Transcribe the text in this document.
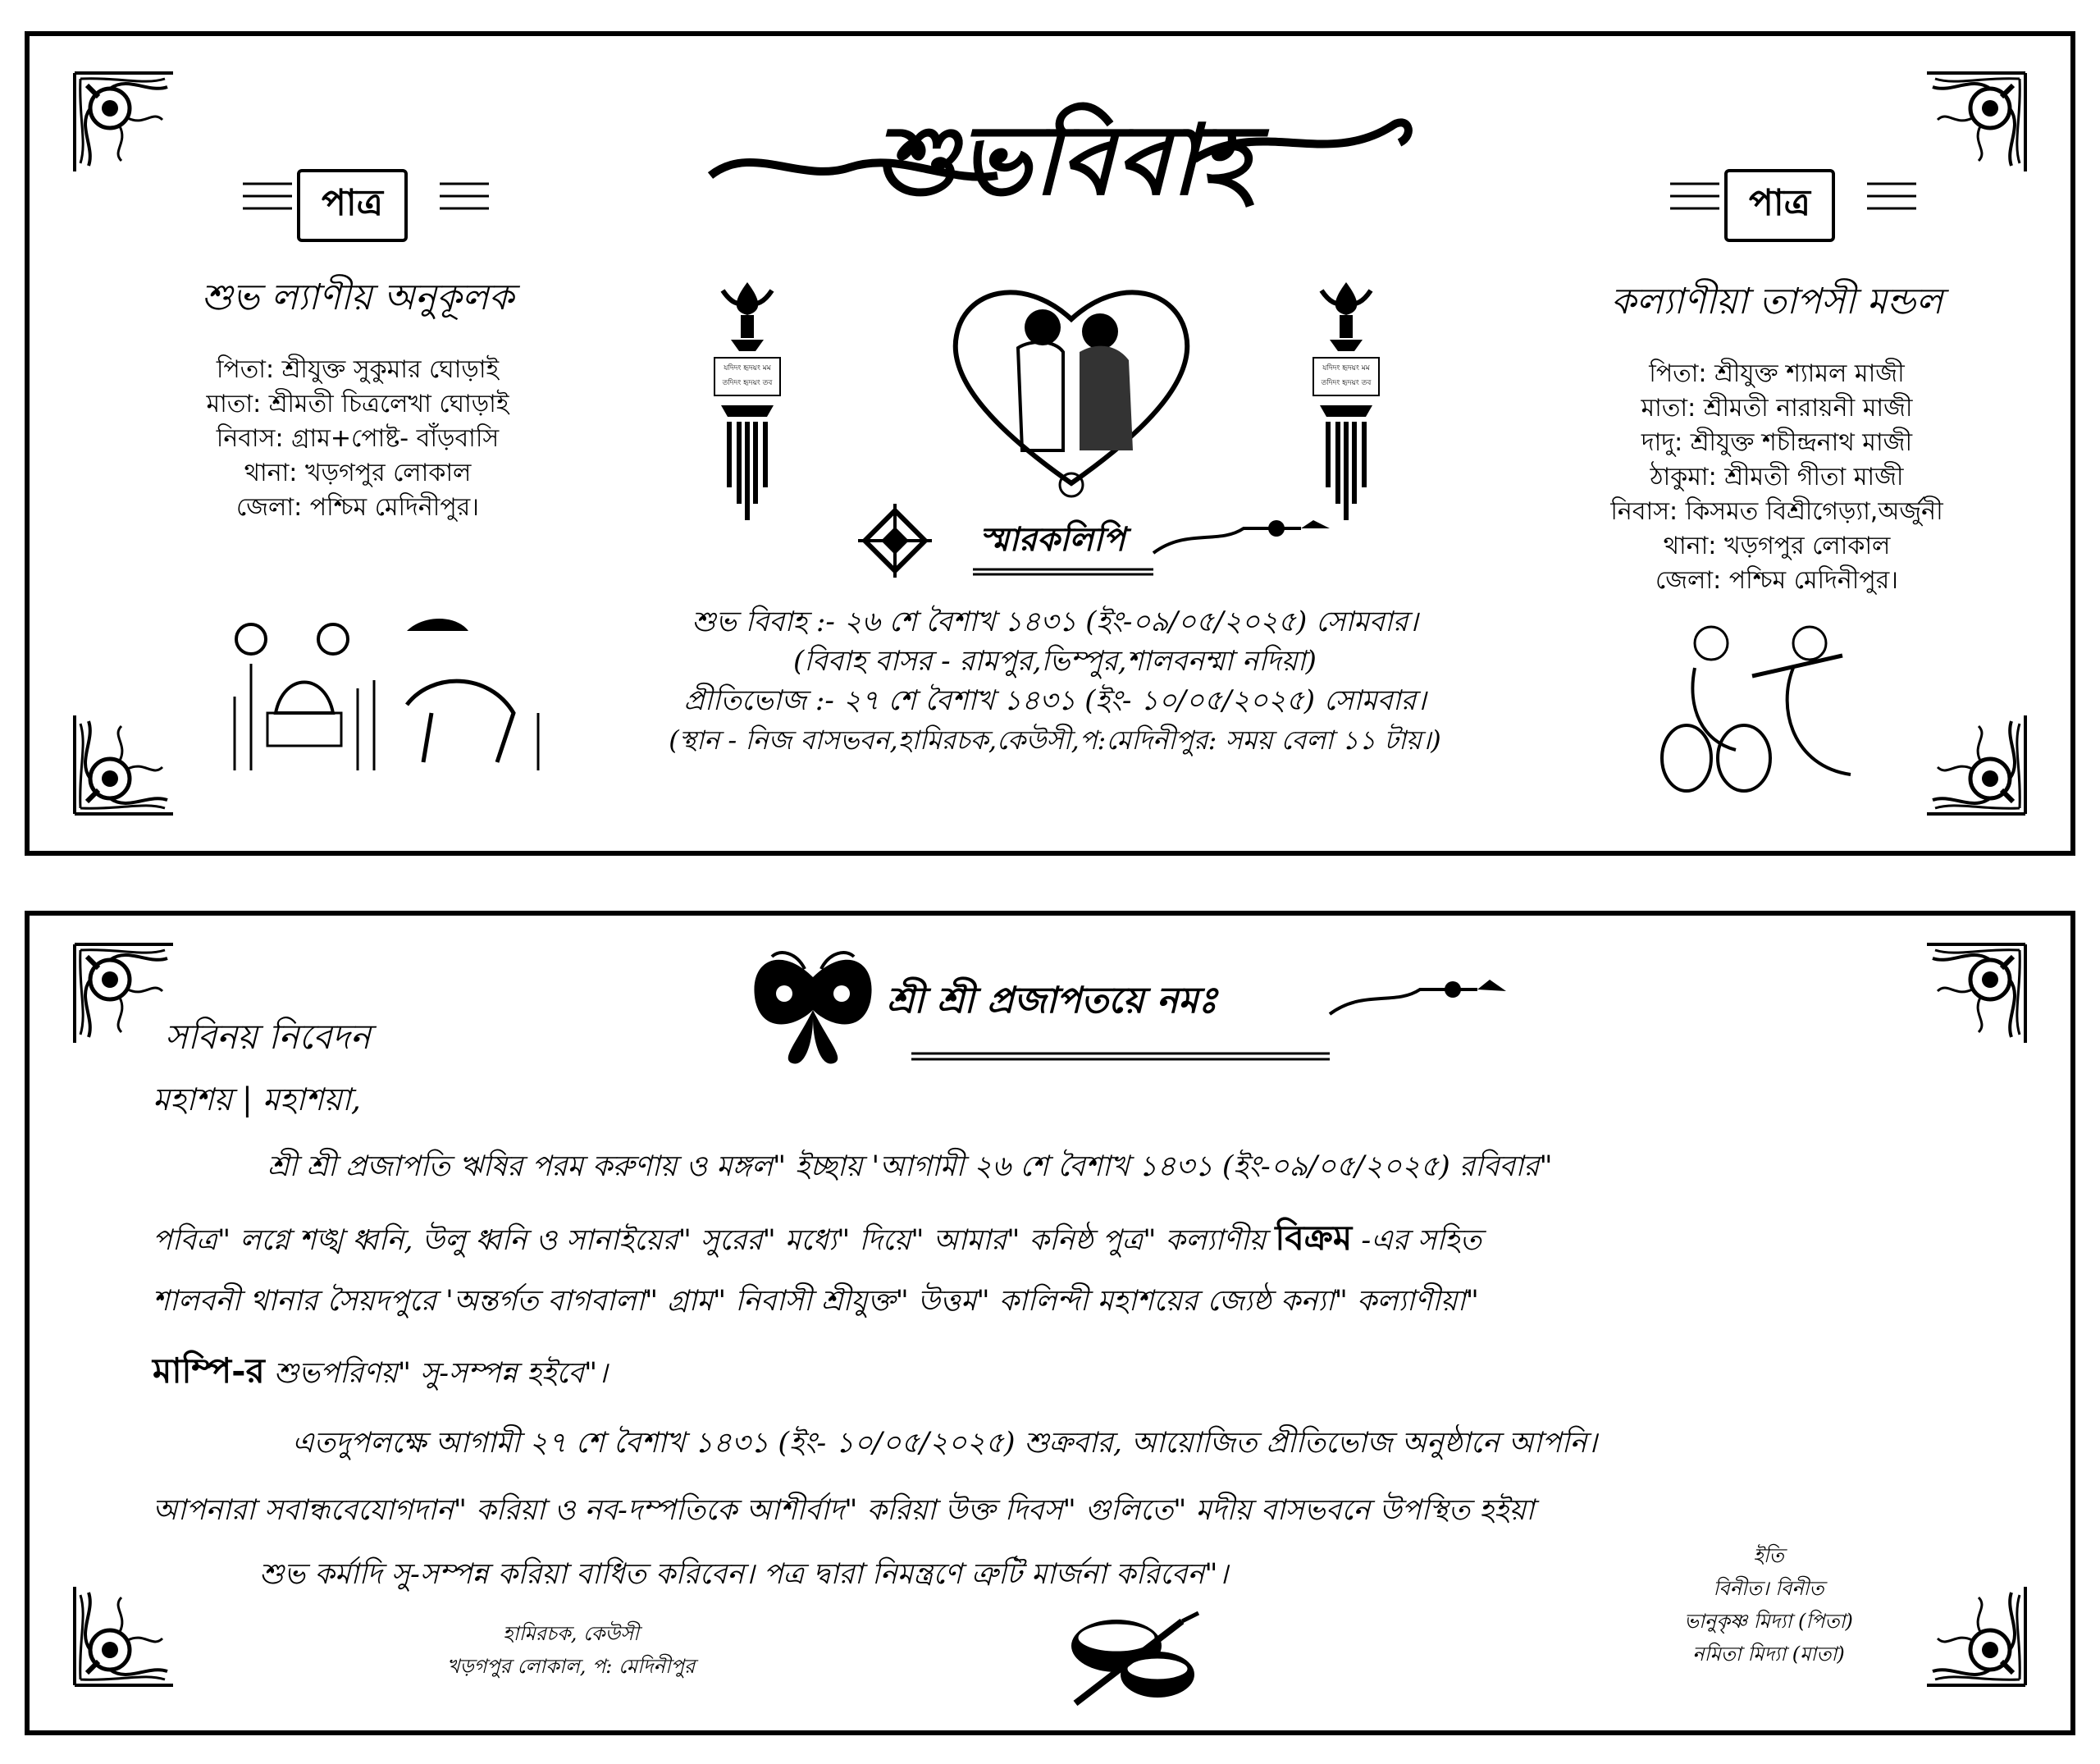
শুভবিবাহ
পাত্র	পাত্র
শুভ ল্যাণীয় অনুকূলক
পিতা: শ্রীযুক্ত সুকুমার ঘোড়াই
মাতা: শ্রীমতী চিত্রলেখা ঘোড়াই
নিবাস: গ্রাম+পোষ্ট- বাঁড়বাসি
থানা: খড়গপুর লোকাল
জেলা: পশ্চিম মেদিনীপুর।
কল্যাণীয়া তাপসী মন্ডল
পিতা: শ্রীযুক্ত শ্যামল মাজী
মাতা: শ্রীমতী নারায়নী মাজী
দাদু: শ্রীযুক্ত শচীন্দ্রনাথ মাজী
ঠাকুমা: শ্রীমতী গীতা মাজী
নিবাস: কিসমত বিশ্রীগেড়্যা,অর্জুনী
থানা: খড়গপুর লোকাল
জেলা: পশ্চিম মেদিনীপুর।
যদিদং হৃদয়ং মম
তদিদং হৃদয়ং তব
যদিদং হৃদয়ং মম
তদিদং হৃদয়ং তব
স্মারকলিপি
শুভ বিবাহ :- ২৬ শে বৈশাখ ১৪৩১ (ইং-০৯/০৫/২০২৫) সোমবার।
(বিবাহ বাসর - রামপুর,ভিম্পুর,শালবনম্মা নদিয়া)
প্রীতিভোজ :- ২৭ শে বৈশাখ ১৪৩১ (ইং- ১০/০৫/২০২৫) সোমবার।
(স্থান - নিজ বাসভবন,হামিরচক,কেউসী,প:মেদিনীপুর: সময় বেলা ১১ টায়।)
শ্রী শ্রী প্রজাপতয়ে নমঃ
সবিনয় নিবেদন
মহাশয় | মহাশয়া,
শ্রী শ্রী প্রজাপতি ঋষির পরম করুণায় ও মঙ্গল" ইচ্ছায় 'আগামী ২৬ শে বৈশাখ ১৪৩১ (ইং-০৯/০৫/২০২৫) রবিবার"
পবিত্র" লগ্নে শঙ্খ ধ্বনি, উলু ধ্বনি ও সানাইয়ের" সুরের" মধ্যে" দিয়ে" আমার" কনিষ্ঠ পুত্র" কল্যাণীয় বিক্রম -এর সহিত
শালবনী থানার সৈয়দপুরে 'অন্তর্গত বাগবালা" গ্রাম" নিবাসী শ্রীযুক্ত" উত্তম" কালিন্দী মহাশয়ের জ্যেষ্ঠ কন্যা" কল্যাণীয়া"
মাম্পি-র শুভপরিণয়" সু-সম্পন্ন হইবে"।
এতদুপলক্ষে আগামী ২৭ শে বৈশাখ ১৪৩১ (ইং- ১০/০৫/২০২৫) শুক্রবার, আয়োজিত প্রীতিভোজ অনুষ্ঠানে আপনি।
আপনারা সবান্ধবেযোগদান" করিয়া ও নব-দম্পতিকে আশীর্বাদ" করিয়া উক্ত দিবস" গুলিতে" মদীয় বাসভবনে উপস্থিত হইয়া
শুভ কর্মাদি সু-সম্পন্ন করিয়া বাধিত করিবেন। পত্র দ্বারা নিমন্ত্রণে ত্রুটি মার্জনা করিবেন"।
হামিরচক, কেউসী
খড়গপুর লোকাল, প: মেদিনীপুর
ইতি
বিনীত। বিনীত
ভানুকৃষ্ণ মিদ্যা (পিতা)
নমিতা মিদ্যা (মাতা)
